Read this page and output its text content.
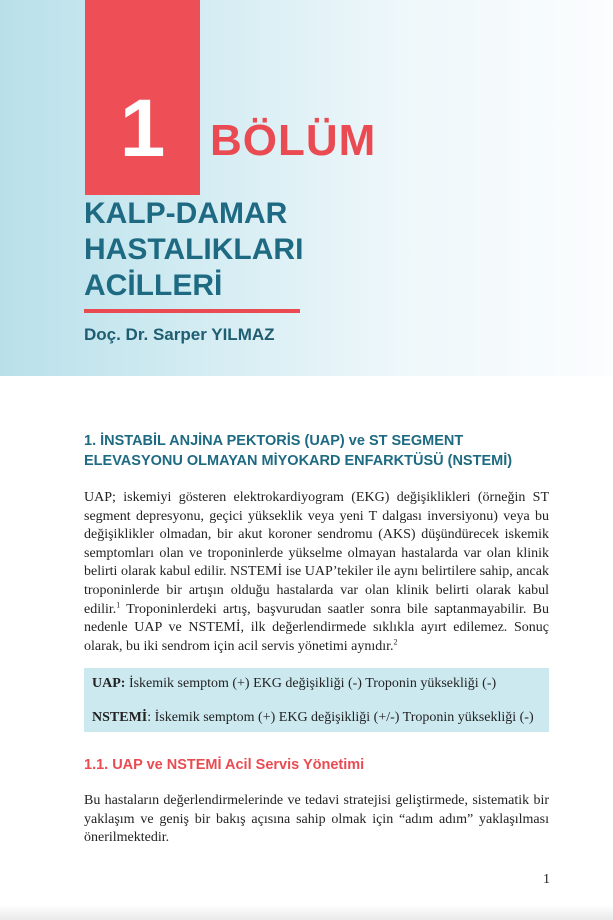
1	BÖLÜM
KALP-DAMAR
HASTALIKLARI
ACİLLERİ
Doç. Dr. Sarper YILMAZ
1. İNSTABİL ANJİNA PEKTORİS (UAP) ve ST SEGMENT
ELEVASYONU OLMAYAN MİYOKARD ENFARKTÜSÜ (NSTEMİ)

UAP; iskemiyi gösteren elektrokardiyogram (EKG) değişiklikleri (örneğin ST segment depresyonu, geçici yükseklik veya yeni T dalgası inversiyonu) veya bu değişiklikler olmadan, bir akut koroner sendromu (AKS) düşündürecek iskemik semptomları olan ve troponinlerde yükselme olmayan hastalarda var olan klinik belirti olarak kabul edilir. NSTEMİ ise UAP’tekiler ile aynı belirtilere sahip, ancak troponinlerde bir artışın olduğu hastalarda var olan klinik belirti olarak kabul edilir.$^1$ Troponinlerdeki artış, başvurudan saatler sonra bile saptanmayabilir. Bu nedenle UAP ve NSTEMİ, ilk değerlendirmede sıklıkla ayırt edilemez. Sonuç olarak, bu iki sendrom için acil servis yönetimi aynıdır.$^2$

UAP: İskemik semptom (+) EKG değişikliği (-) Troponin yüksekliği (-)
NSTEMİ: İskemik semptom (+) EKG değişikliği (+/-) Troponin yüksekliği (-)
1.1. UAP ve NSTEMİ Acil Servis Yönetimi

Bu hastaların değerlendirmelerinde ve tedavi stratejisi geliştirmede, sistematik bir yaklaşım ve geniş bir bakış açısına sahip olmak için “adım adım” yaklaşılması önerilmektedir.

1
